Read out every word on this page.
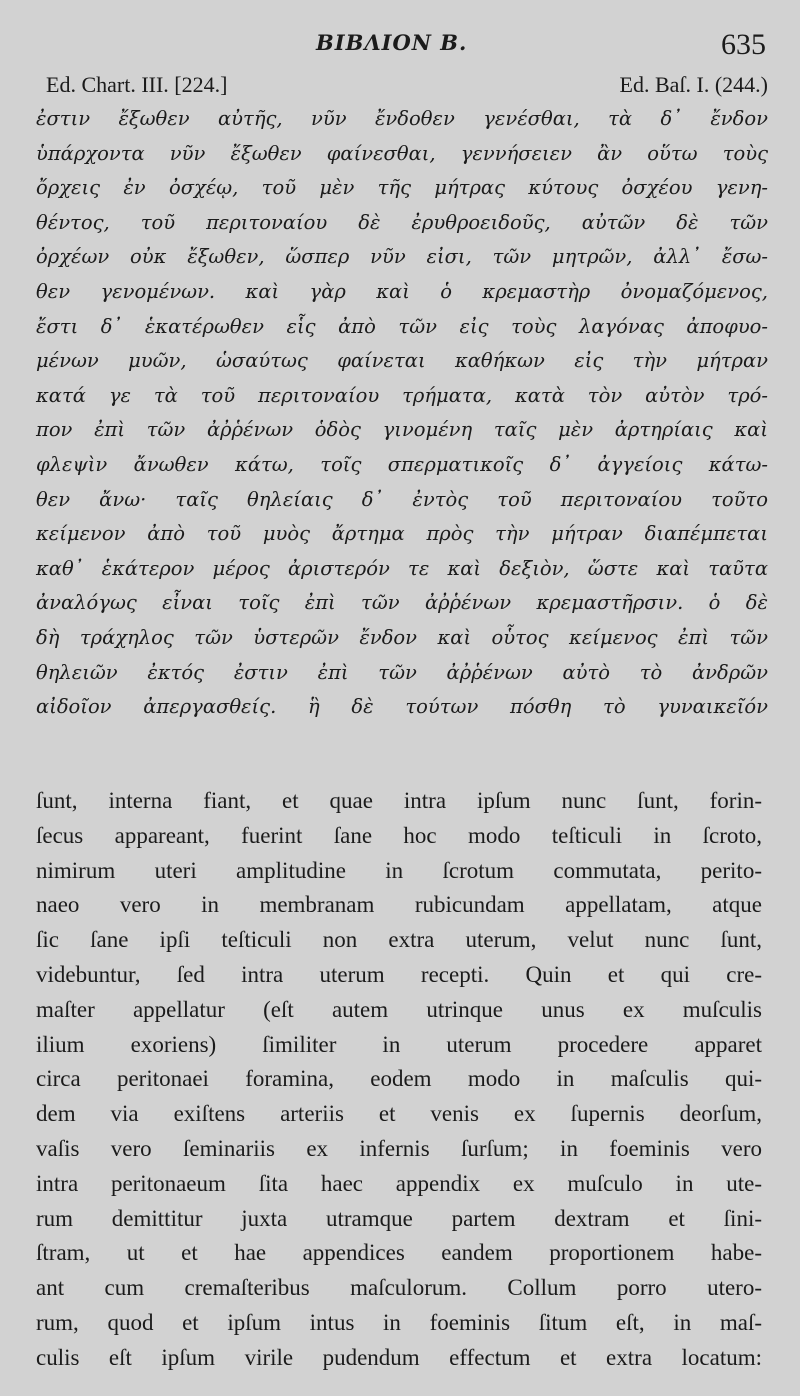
ΒΙΒΛΙΟΝ Β.	635
Ed. Chart. III. [224.]	Ed. Baſ. I. (244.)
ἐστιν ἔξωθεν αὐτῆς, νῦν ἔνδοθεν γενέσθαι, τὰ δ᾽ ἔνδον
ὑπάρχοντα νῦν ἔξωθεν φαίνεσθαι, γεννήσειεν ἂν οὕτω τοὺς
ὄρχεις ἐν ὀσχέῳ, τοῦ μὲν τῆς μήτρας κύτους ὀσχέου γενη-
θέντος, τοῦ περιτοναίου δὲ ἐρυθροειδοῦς, αὐτῶν δὲ τῶν
ὀρχέων οὐκ ἔξωθεν, ὥσπερ νῦν εἰσι, τῶν μητρῶν, ἀλλ᾽ ἔσω-
θεν γενομένων. καὶ γὰρ καὶ ὁ κρεμαστὴρ ὀνομαζόμενος,
ἔστι δ᾽ ἑκατέρωθεν εἷς ἀπὸ τῶν εἰς τοὺς λαγόνας ἀποφυο-
μένων μυῶν, ὡσαύτως φαίνεται καθήκων εἰς τὴν μήτραν
κατά γε τὰ τοῦ περιτοναίου τρήματα, κατὰ τὸν αὐτὸν τρό-
πον ἐπὶ τῶν ἀῤῥένων ὁδὸς γινομένη ταῖς μὲν ἀρτηρίαις καὶ
φλεψὶν ἄνωθεν κάτω, τοῖς σπερματικοῖς δ᾽ ἀγγείοις κάτω-
θεν ἄνω· ταῖς θηλείαις δ᾽ ἐντὸς τοῦ περιτοναίου τοῦτο
κείμενον ἀπὸ τοῦ μυὸς ἄρτημα πρὸς τὴν μήτραν διαπέμπεται
καθ᾽ ἑκάτερον μέρος ἀριστερόν τε καὶ δεξιὸν, ὥστε καὶ ταῦτα
ἀναλόγως εἶναι τοῖς ἐπὶ τῶν ἀῤῥένων κρεμαστῆρσιν. ὁ δὲ
δὴ τράχηλος τῶν ὑστερῶν ἔνδον καὶ οὗτος κείμενος ἐπὶ τῶν
θηλειῶν ἐκτός ἐστιν ἐπὶ τῶν ἀῤῥένων αὐτὸ τὸ ἀνδρῶν
αἰδοῖον ἀπεργασθείς. ἣ δὲ τούτων πόσθη τὸ γυναικεῖόν
ſunt, interna fiant, et quae intra ipſum nunc ſunt, forin-
ſecus appareant, fuerint ſane hoc modo teſticuli in ſcroto,
nimirum uteri amplitudine in ſcrotum commutata, perito-
naeo vero in membranam rubicundam appellatam, atque
ſic ſane ipſi teſticuli non extra uterum, velut nunc ſunt,
videbuntur, ſed intra uterum recepti. Quin et qui cre-
maſter appellatur (eſt autem utrinque unus ex muſculis
ilium exoriens) ſimiliter in uterum procedere apparet
circa peritonaei foramina, eodem modo in maſculis qui-
dem via exiſtens arteriis et venis ex ſupernis deorſum,
vaſis vero ſeminariis ex infernis ſurſum; in foeminis vero
intra peritonaeum ſita haec appendix ex muſculo in ute-
rum demittitur juxta utramque partem dextram et ſini-
ſtram, ut et hae appendices eandem proportionem habe-
ant cum cremaſteribus maſculorum. Collum porro utero-
rum, quod et ipſum intus in foeminis ſitum eſt, in maſ-
culis eſt ipſum virile pudendum effectum et extra locatum:
